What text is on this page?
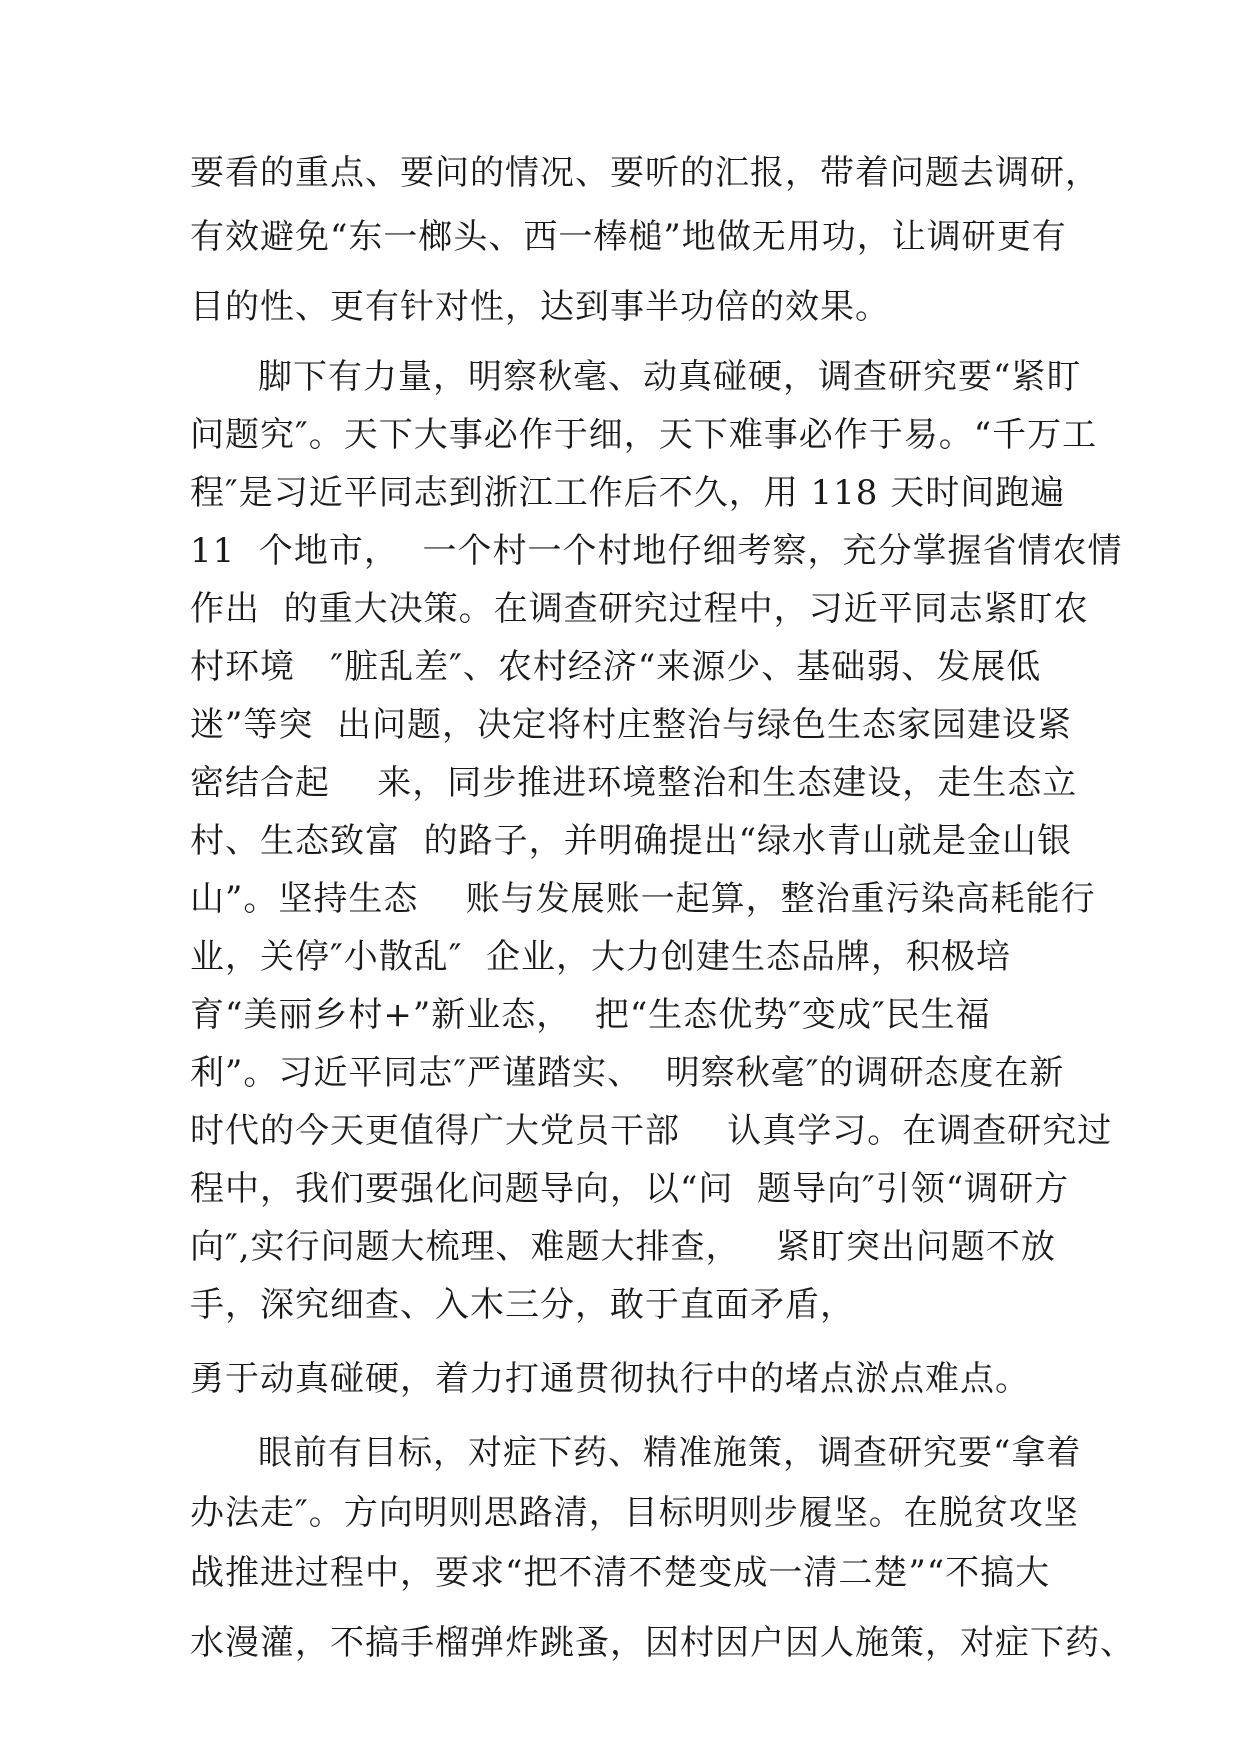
要看的重点、要问的情况、要听的汇报，带着问题去调研，
有效避免“东一榔头、西一棒槌”地做无用功，让调研更有
目的性、更有针对性，达到事半功倍的效果。
脚下有力量，明察秋毫、动真碰硬，调查研究要“紧盯
问题究″。天下大事必作于细，天下难事必作于易。“千万工
程″是习近平同志到浙江工作后不久，用 118 天时间跑遍
11  个地市，  一个村一个村地仔细考察，充分掌握省情农情
作出  的重大决策。在调查研究过程中，习近平同志紧盯农
村环境   ″脏乱差″、农村经济“来源少、基础弱、发展低
迷”等突  出问题，决定将村庄整治与绿色生态家园建设紧
密结合起    来，同步推进环境整治和生态建设，走生态立
村、生态致富  的路子，并明确提出“绿水青山就是金山银
山”。坚持生态    账与发展账一起算，整治重污染高耗能行
业，关停″小散乱″  企业，大力创建生态品牌，积极培
育“美丽乡村+”新业态，  把“生态优势″变成″民生福
利”。习近平同志″严谨踏实、  明察秋毫″的调研态度在新
时代的今天更值得广大党员干部    认真学习。在调查研究过
程中，我们要强化问题导向，以“问  题导向″引领“调研方
向″,实行问题大梳理、难题大排查，   紧盯突出问题不放
手，深究细查、入木三分，敢于直面矛盾，
勇于动真碰硬，着力打通贯彻执行中的堵点淤点难点。
眼前有目标，对症下药、精准施策，调查研究要“拿着
办法走″。方向明则思路清，目标明则步履坚。在脱贫攻坚
战推进过程中，要求“把不清不楚变成一清二楚”“不搞大
水漫灌，不搞手榴弹炸跳蚤，因村因户因人施策，对症下药、
